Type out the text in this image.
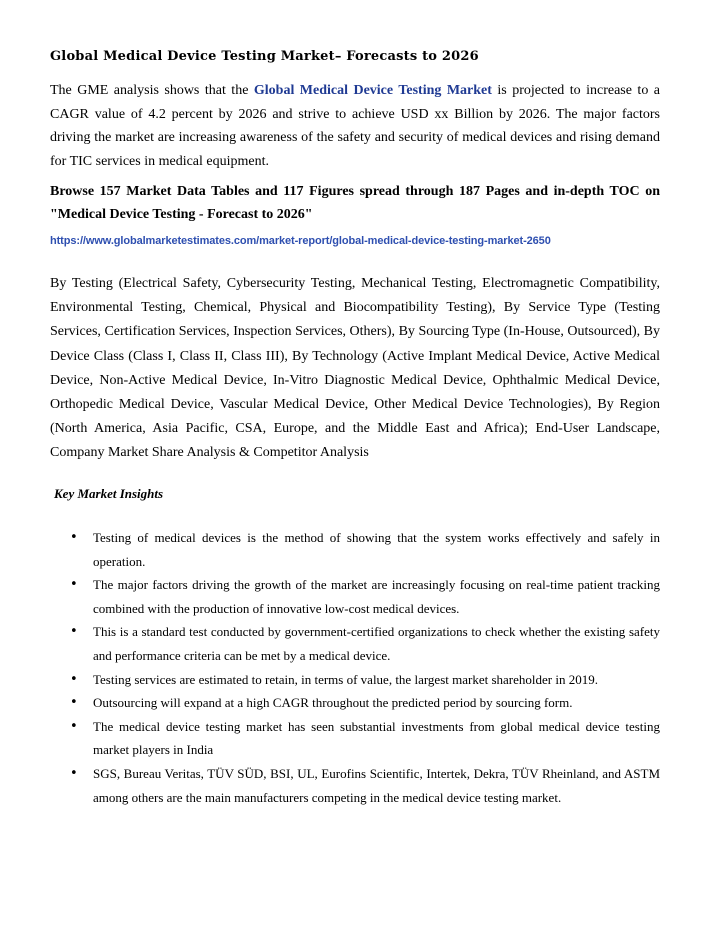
Global Medical Device Testing Market– Forecasts to 2026

The GME analysis shows that the Global Medical Device Testing Market is projected to increase to a CAGR value of 4.2 percent by 2026 and strive to achieve USD xx Billion by 2026. The major factors driving the market are increasing awareness of the safety and security of medical devices and rising demand for TIC services in medical equipment.

Browse 157 Market Data Tables and 117 Figures spread through 187 Pages and in-depth TOC on "Medical Device Testing - Forecast to 2026"

https://www.globalmarketestimates.com/market-report/global-medical-device-testing-market-2650

By Testing (Electrical Safety, Cybersecurity Testing, Mechanical Testing, Electromagnetic Compatibility, Environmental Testing, Chemical, Physical and Biocompatibility Testing), By Service Type (Testing Services, Certification Services, Inspection Services, Others), By Sourcing Type (In-House, Outsourced), By Device Class (Class I, Class II, Class III), By Technology (Active Implant Medical Device, Active Medical Device, Non-Active Medical Device, In-Vitro Diagnostic Medical Device, Ophthalmic Medical Device, Orthopedic Medical Device, Vascular Medical Device, Other Medical Device Technologies), By Region (North America, Asia Pacific, CSA, Europe, and the Middle East and Africa); End-User Landscape, Company Market Share Analysis & Competitor Analysis

Key Market Insights
• Testing of medical devices is the method of showing that the system works effectively and safely in operation.
• The major factors driving the growth of the market are increasingly focusing on real-time patient tracking combined with the production of innovative low-cost medical devices.
• This is a standard test conducted by government-certified organizations to check whether the existing safety and performance criteria can be met by a medical device.
• Testing services are estimated to retain, in terms of value, the largest market shareholder in 2019.
• Outsourcing will expand at a high CAGR throughout the predicted period by sourcing form.
• The medical device testing market has seen substantial investments from global medical device testing market players in India
• SGS, Bureau Veritas, TÜV SÜD, BSI, UL, Eurofins Scientific, Intertek, Dekra, TÜV Rheinland, and ASTM among others are the main manufacturers competing in the medical device testing market.
